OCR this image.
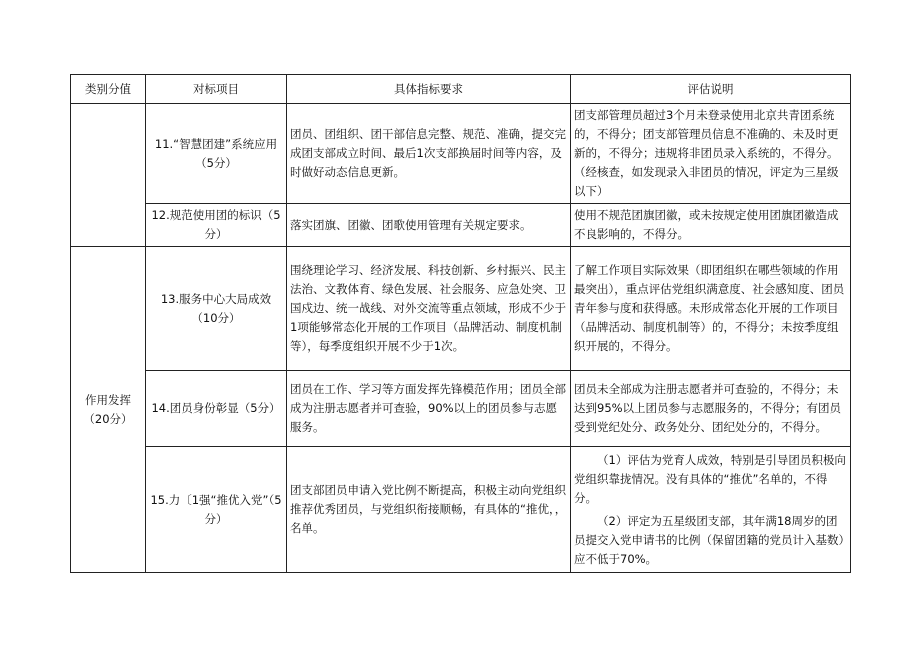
类别分值	对标项目	具体指标要求	评估说明
	11.“智慧团建”系统应用（5分）	团员、团组织、团干部信息完整、规范、准确，提交完成团支部成立时间、最后1次支部换届时间等内容，及时做好动态信息更新。	团支部管理员超过3个月未登录使用北京共青团系统的，不得分；团支部管理员信息不准确的、未及时更新的，不得分；违规将非团员录入系统的，不得分。（经核查，如发现录入非团员的情况，评定为三星级以下）
	12.规范使用团的标识（5分）	落实团旗、团徽、团歌使用管理有关规定要求。	使用不规范团旗团徽，或未按规定使用团旗团徽造成不良影响的，不得分。
作用发挥（20分）	13.服务中心大局成效（10分）	围绕理论学习、经济发展、科技创新、乡村振兴、民主法治、文教体育、绿色发展、社会服务、应急处突、卫国戍边、统一战线、对外交流等重点领域，形成不少于1项能够常态化开展的工作项目（品牌活动、制度机制等），每季度组织开展不少于1次。	了解工作项目实际效果（即团组织在哪些领域的作用最突出），重点评估党组织满意度、社会感知度、团员青年参与度和获得感。未形成常态化开展的工作项目（品牌活动、制度机制等）的，不得分；未按季度组织开展的，不得分。
	14.团员身份彰显（5分）	团员在工作、学习等方面发挥先锋模范作用；团员全部成为注册志愿者并可查验，90%以上的团员参与志愿服务。	团员未全部成为注册志愿者并可查验的，不得分；未达到95%以上团员参与志愿服务的，不得分；有团员受到党纪处分、政务处分、团纪处分的，不得分。
	15.力〔1强“推优入党”（5分）	团支部团员申请入党比例不断提高，积极主动向党组织推荐优秀团员，与党组织衔接顺畅，有具体的“推优，，名单。	（1）评估为党育人成效，特别是引导团员积极向党组织靠拢情况。没有具体的“推优”名单的，不得分。
（2）评定为五星级团支部，其年满18周岁的团员提交入党申请书的比例（保留团籍的党员计入基数）应不低于70%。
